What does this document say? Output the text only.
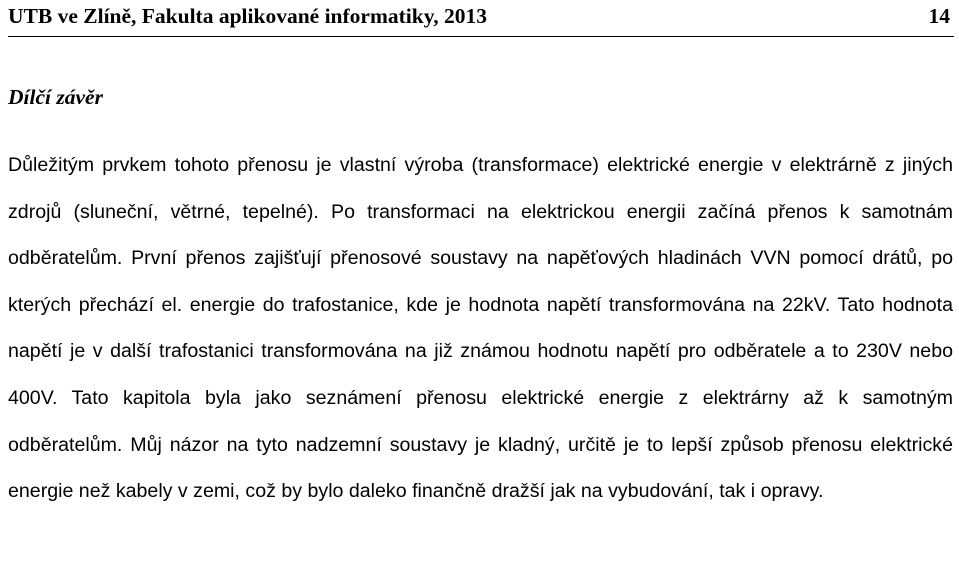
UTB ve Zlíně, Fakulta aplikované informatiky, 2013	14
Dílčí závěr

Důležitým prvkem tohoto přenosu je vlastní výroba (transformace) elektrické energie v elektrárně z jiných zdrojů (sluneční, větrné, tepelné). Po transformaci na elektrickou energii začíná přenos k samotnám odběratelům. První přenos zajišťují přenosové soustavy na napěťových hladinách VVN pomocí drátů, po kterých přechází el. energie do trafostanice, kde je hodnota napětí transformována na 22kV. Tato hodnota napětí je v další trafostanici transformována na již známou hodnotu napětí pro odběratele a to 230V nebo 400V. Tato kapitola byla jako seznámení přenosu elektrické energie z elektrárny až k samotným odběratelům. Můj názor na tyto nadzemní soustavy je kladný, určitě je to lepší způsob přenosu elektrické energie než kabely v zemi, což by bylo daleko finančně dražší jak na vybudování, tak i opravy.
